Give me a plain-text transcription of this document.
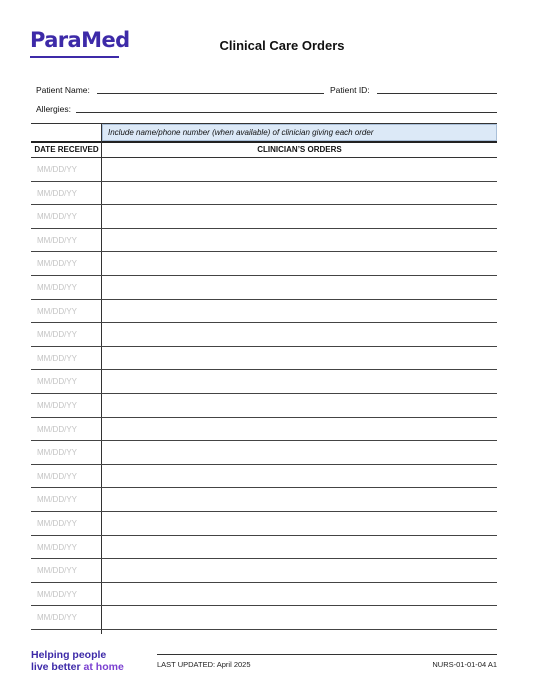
ParaMed	Clinical Care Orders
Patient Name:	Patient ID:
Allergies:
Include name/phone number (when available) of clinician giving each order
DATE RECEIVED	CLINICIAN’S ORDERS
MM/DD/YY
MM/DD/YY
MM/DD/YY
MM/DD/YY
MM/DD/YY
MM/DD/YY
MM/DD/YY
MM/DD/YY
MM/DD/YY
MM/DD/YY
MM/DD/YY
MM/DD/YY
MM/DD/YY
MM/DD/YY
MM/DD/YY
MM/DD/YY
MM/DD/YY
MM/DD/YY
MM/DD/YY
MM/DD/YY
Helping people
live better at home	LAST UPDATED: April 2025	NURS-01-01-04 A1
